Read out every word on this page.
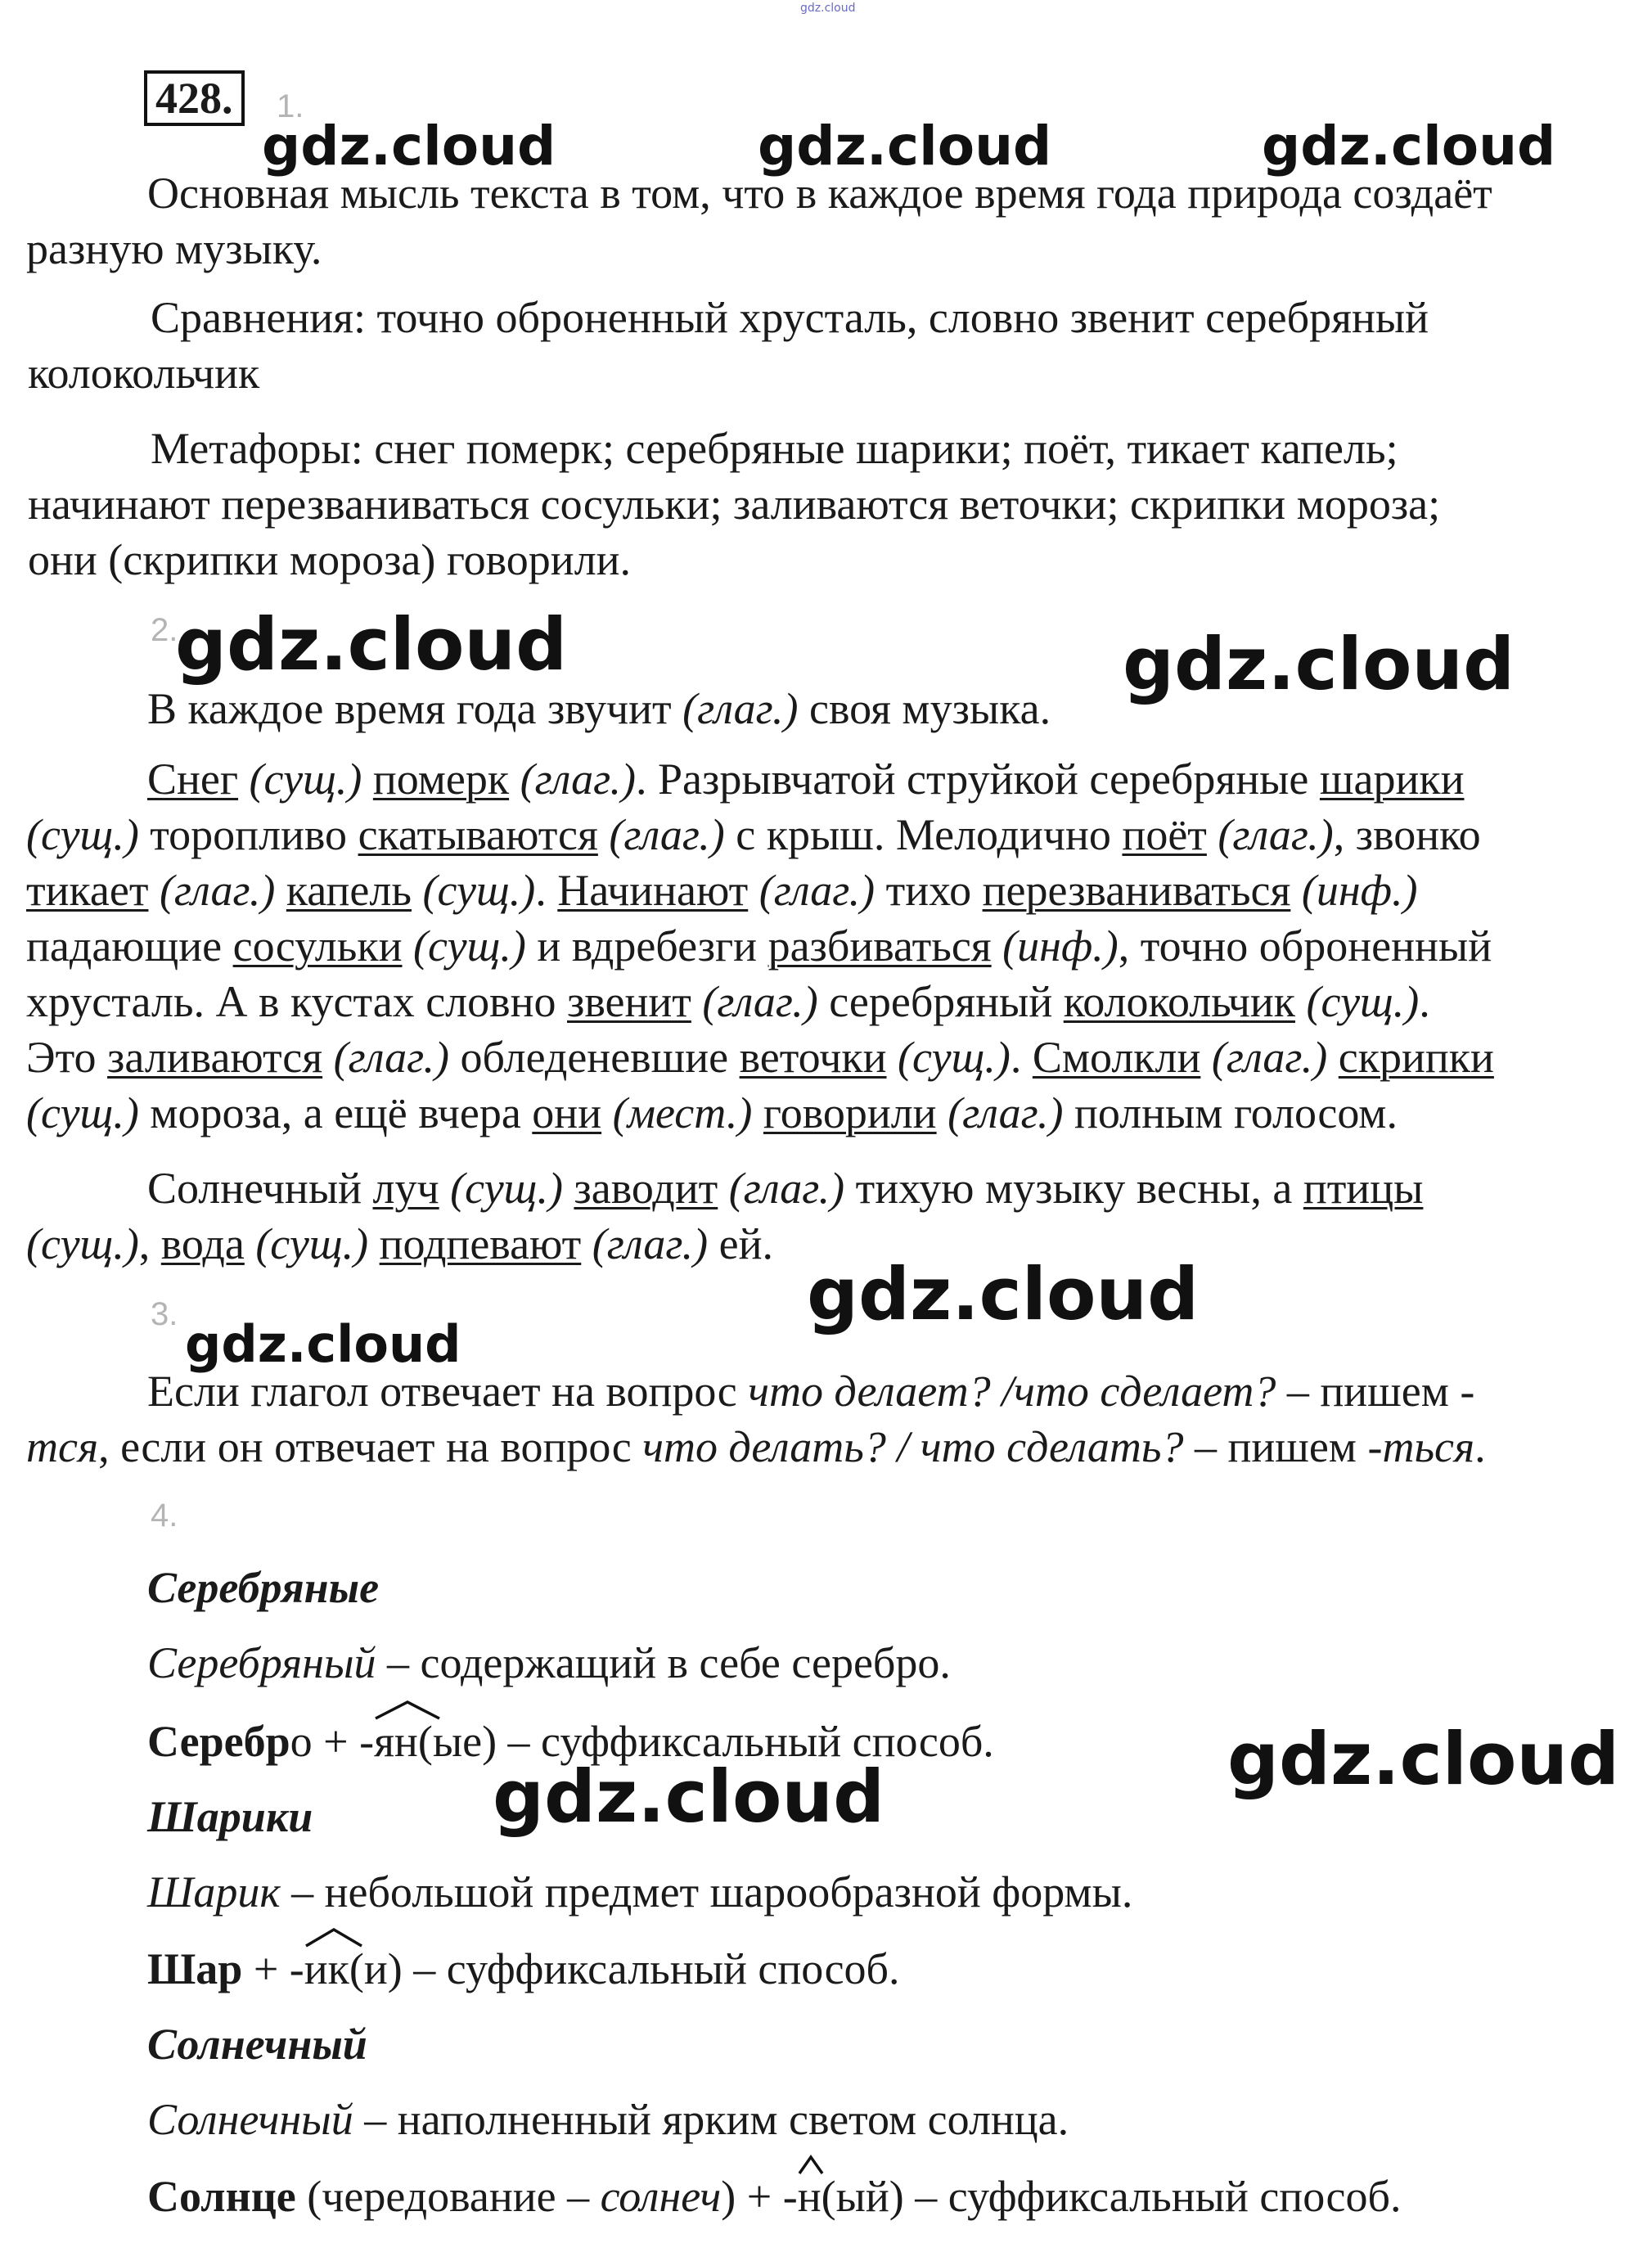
gdz.cloud
428.	1.
gdz.cloud	gdz.cloud	gdz.cloud
Основная мысль текста в том, что в каждое время года природа создаёт
разную музыку.
Сравнения: точно оброненный хрусталь, словно звенит серебряный
колокольчик
Метафоры: снег померк; серебряные шарики; поёт, тикает капель;
начинают перезваниваться сосульки; заливаются веточки; скрипки мороза;
они (скрипки мороза) говорили.
2.
gdz.cloud	gdz.cloud
В каждое время года звучит (глаг.) своя музыка.
Снег (сущ.) померк (глаг.). Разрывчатой струйкой серебряные шарики
(сущ.) торопливо скатываются (глаг.) с крыш. Мелодично поёт (глаг.), звонко
тикает (глаг.) капель (сущ.). Начинают (глаг.) тихо перезваниваться (инф.)
падающие сосульки (сущ.) и вдребезги разбиваться (инф.), точно оброненный
хрусталь. А в кустах словно звенит (глаг.) серебряный колокольчик (сущ.).
Это заливаются (глаг.) обледеневшие веточки (сущ.). Смолкли (глаг.) скрипки
(сущ.) мороза, а ещё вчера они (мест.) говорили (глаг.) полным голосом.
Солнечный луч (сущ.) заводит (глаг.) тихую музыку весны, а птицы
(сущ.), вода (сущ.) подпевают (глаг.) ей.
gdz.cloud
3. gdz.cloud
Если глагол отвечает на вопрос что делает? /что сделает? – пишем -
тся, если он отвечает на вопрос что делать? / что сделать? – пишем -ться.
4.
Серебряные
Серебряный – содержащий в себе серебро.
Серебро + -
ян(ые) – суффиксальный способ.	gdz.cloud
Шарики gdz.cloud
Шарик – небольшой предмет шарообразной формы.
Шар + -
ик(и) – суффиксальный способ.
Солнечный
Солнечный – наполненный ярким светом солнца.
Солнце (чередование – солнеч) + -
н(ый) – суффиксальный способ.
